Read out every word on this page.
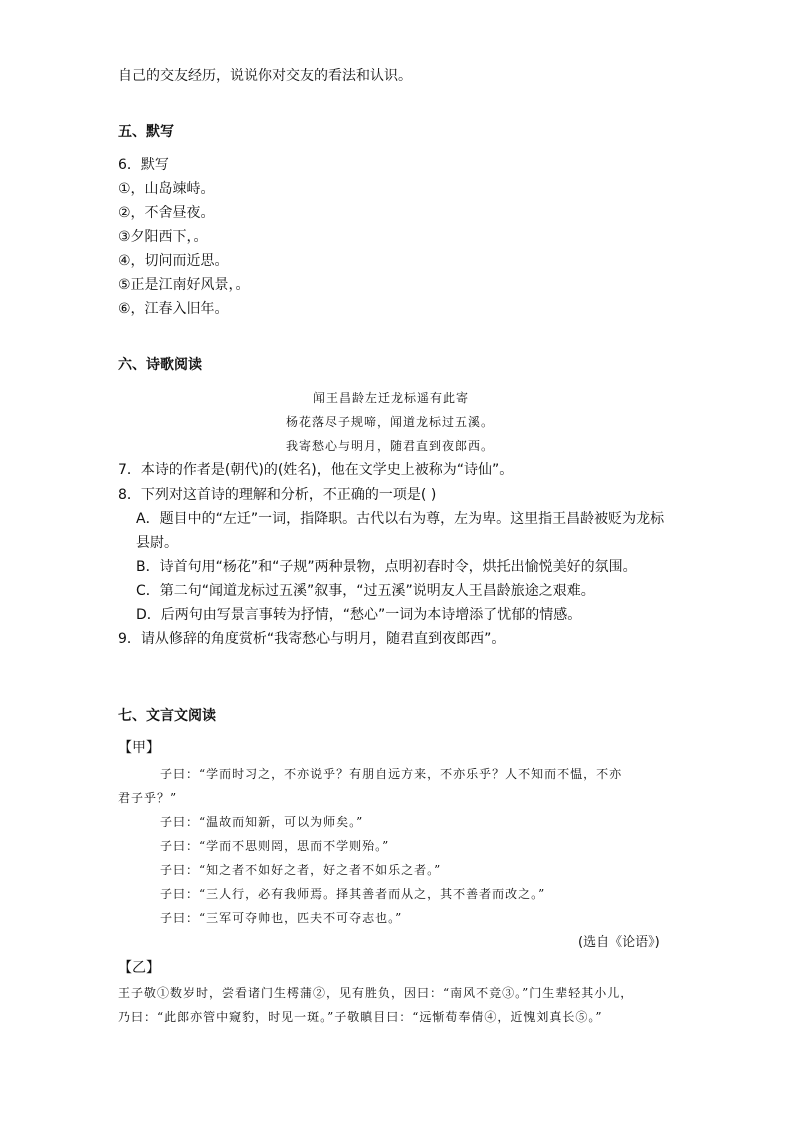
自己的交友经历，说说你对交友的看法和认识。
五、默写
6．默写
①，山岛竦峙。
②，不舍昼夜。
③夕阳西下，。
④，切问而近思。
⑤正是江南好风景，。
⑥，江春入旧年。
六、诗歌阅读
闻王昌龄左迁龙标遥有此寄
杨花落尽子规啼，闻道龙标过五溪。
我寄愁心与明月，随君直到夜郎西。
7．本诗的作者是(朝代)的(姓名)，他在文学史上被称为“诗仙”。
8．下列对这首诗的理解和分析，不正确的一项是( )
A．题目中的“左迁”一词，指降职。古代以右为尊，左为卑。这里指王昌龄被贬为龙标
县尉。
B．诗首句用“杨花”和“子规”两种景物，点明初春时令，烘托出愉悦美好的氛围。
C．第二句“闻道龙标过五溪”叙事，“过五溪”说明友人王昌龄旅途之艰难。
D．后两句由写景言事转为抒情，“愁心”一词为本诗增添了忧郁的情感。
9．请从修辞的角度赏析“我寄愁心与明月，随君直到夜郎西”。
七、文言文阅读
【甲】
子曰：“学而时习之，不亦说乎？有朋自远方来，不亦乐乎？人不知而不愠，不亦
君子乎？”
子曰：“温故而知新，可以为师矣。”
子曰：“学而不思则罔，思而不学则殆。”
子曰：“知之者不如好之者，好之者不如乐之者。”
子曰：“三人行，必有我师焉。择其善者而从之，其不善者而改之。”
子曰：“三军可夺帅也，匹夫不可夺志也。”
(选自《论语》)
【乙】
王子敬①数岁时，尝看诸门生樗蒲②，见有胜负，因曰：“南风不竞③。”门生辈轻其小儿，
乃曰：“此郎亦管中窥豹，时见一斑。”子敬瞋目曰：“远惭荀奉倩④，近愧刘真长⑤。”
